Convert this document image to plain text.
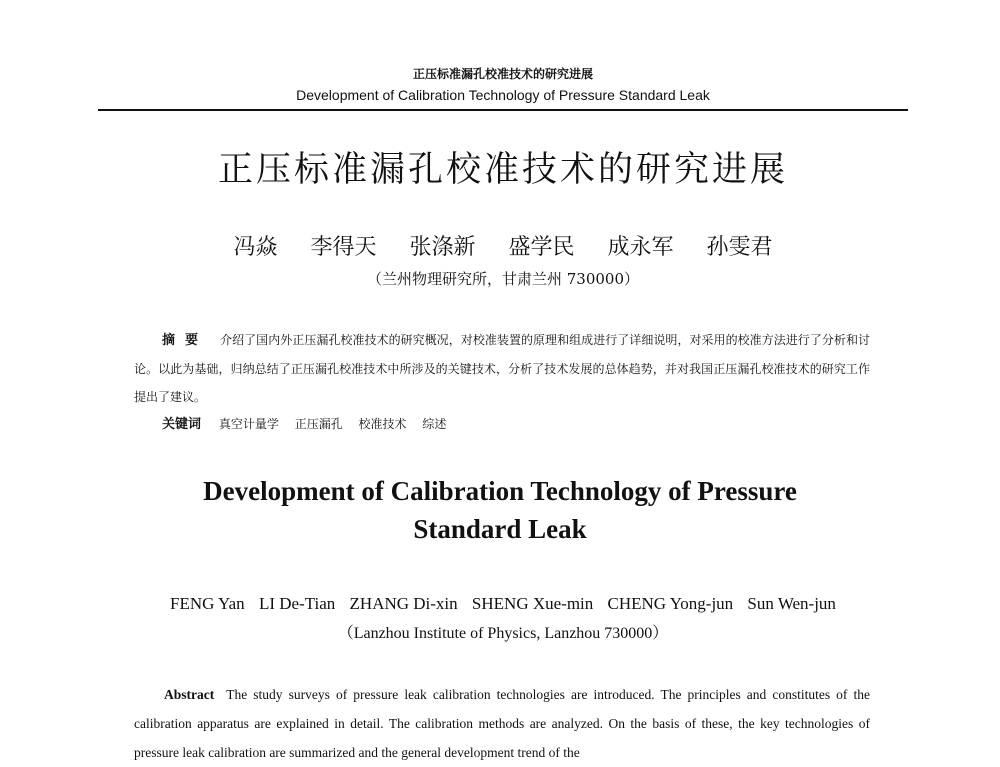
正压标准漏孔校准技术的研究进展
Development of Calibration Technology of Pressure Standard Leak
正压标准漏孔校准技术的研究进展
冯焱 李得天 张涤新 盛学民 成永军 孙雯君
（兰州物理研究所，甘肃兰州 730000）
摘要 介绍了国内外正压漏孔校准技术的研究概况，对校准装置的原理和组成进行了详细说明，对采用的校准方法进行了分析和讨论。以此为基础，归纳总结了正压漏孔校准技术中所涉及的关键技术，分析了技术发展的总体趋势，并对我国正压漏孔校准技术的研究工作提出了建议。
关键词 真空计量学 正压漏孔 校准技术 综述
Development of Calibration Technology of Pressure
Standard Leak
FENG Yan LI De-Tian ZHANG Di-xin SHENG Xue-min CHENG Yong-jun Sun Wen-jun
（Lanzhou Institute of Physics, Lanzhou 730000）
Abstract The study surveys of pressure leak calibration technologies are introduced. The principles and constitutes of the calibration apparatus are explained in detail. The calibration methods are analyzed. On the basis of these, the key technologies of pressure leak calibration are summarized and the general development trend of the
